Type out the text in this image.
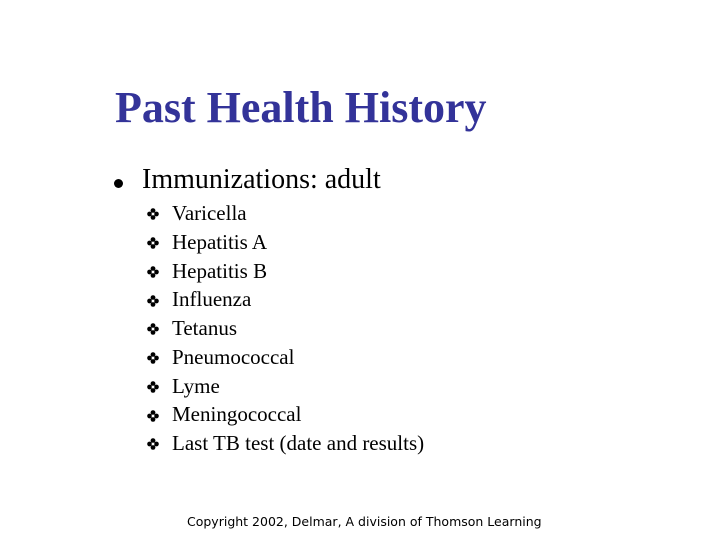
Past Health History
Immunizations: adult
Varicella
Hepatitis A
Hepatitis B
Influenza
Tetanus
Pneumococcal
Lyme
Meningococcal
Last TB test (date and results)
Copyright 2002, Delmar, A division of Thomson Learning
